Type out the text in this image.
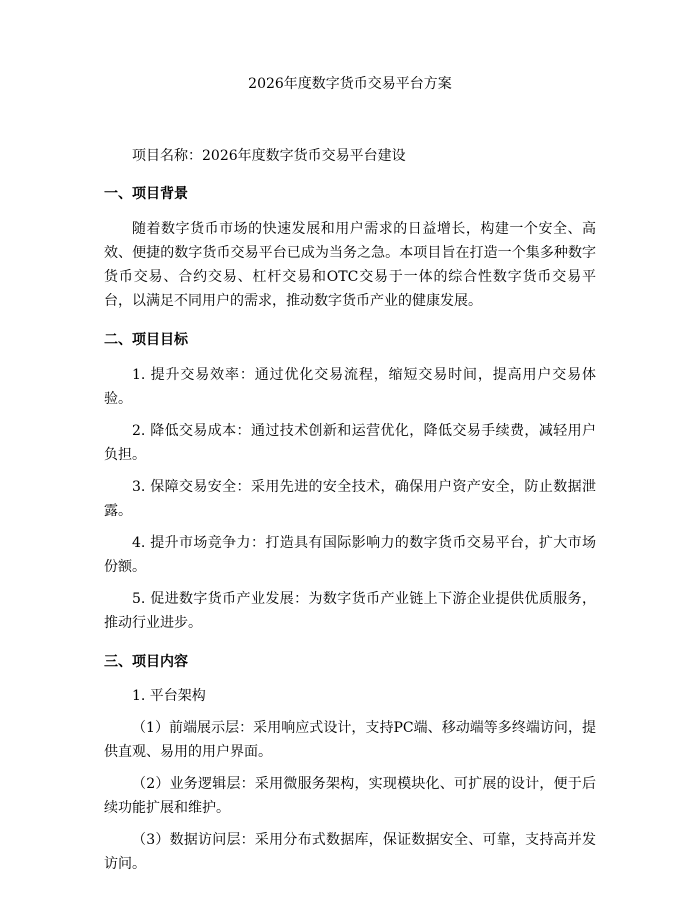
2026年度数字货币交易平台方案

项目名称：2026年度数字货币交易平台建设

一、项目背景

随着数字货币市场的快速发展和用户需求的日益增长，构建一个安全、高效、便捷的数字货币交易平台已成为当务之急。本项目旨在打造一个集多种数字货币交易、合约交易、杠杆交易和OTC交易于一体的综合性数字货币交易平台，以满足不同用户的需求，推动数字货币产业的健康发展。

二、项目目标

1. 提升交易效率：通过优化交易流程，缩短交易时间，提高用户交易体验。

2. 降低交易成本：通过技术创新和运营优化，降低交易手续费，减轻用户负担。

3. 保障交易安全：采用先进的安全技术，确保用户资产安全，防止数据泄露。

4. 提升市场竞争力：打造具有国际影响力的数字货币交易平台，扩大市场份额。

5. 促进数字货币产业发展：为数字货币产业链上下游企业提供优质服务，推动行业进步。

三、项目内容

1. 平台架构

（1）前端展示层：采用响应式设计，支持PC端、移动端等多终端访问，提供直观、易用的用户界面。

（2）业务逻辑层：采用微服务架构，实现模块化、可扩展的设计，便于后续功能扩展和维护。

（3）数据访问层：采用分布式数据库，保证数据安全、可靠，支持高并发访问。
